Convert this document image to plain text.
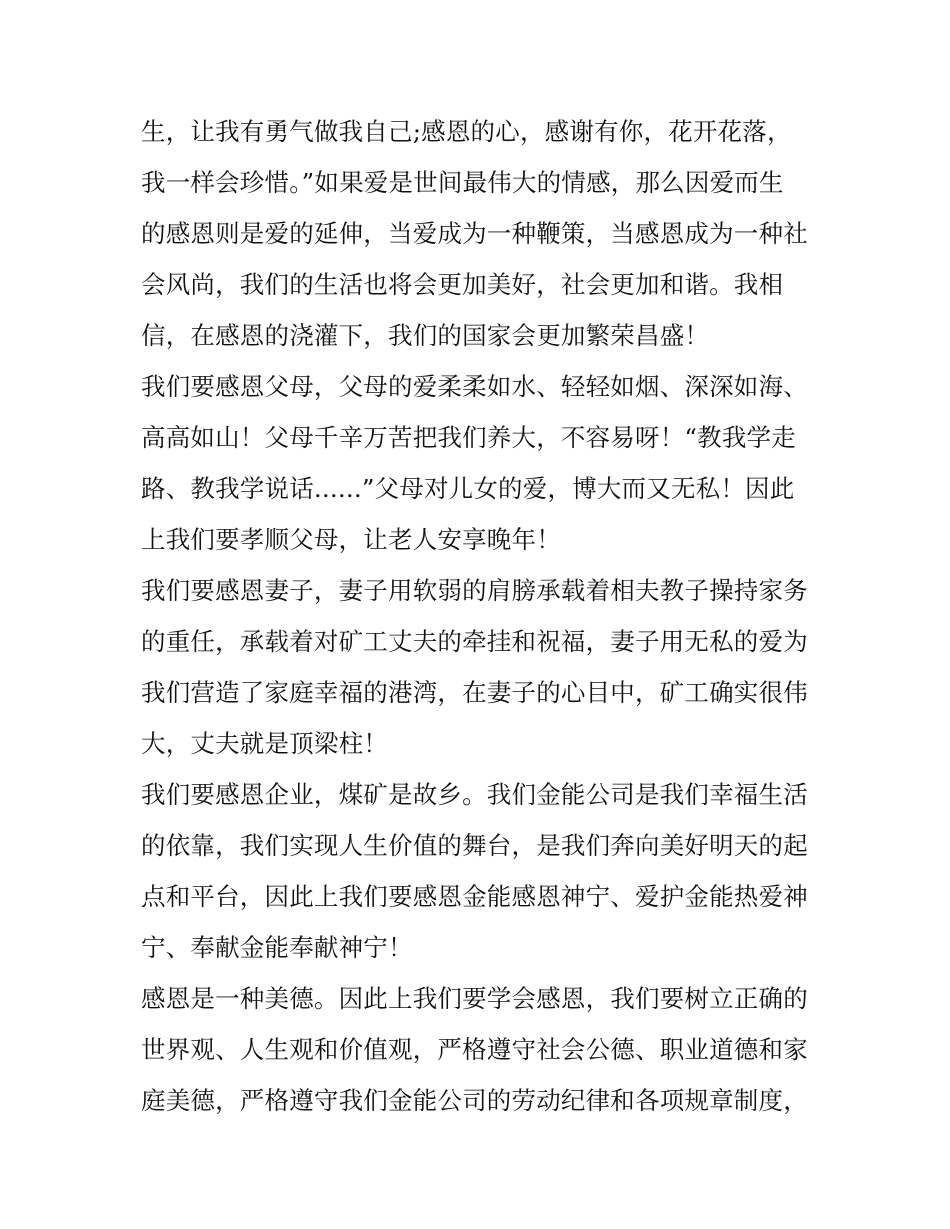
生，让我有勇气做我自己;感恩的心，感谢有你，花开花落，
我一样会珍惜。”如果爱是世间最伟大的情感，那么因爱而生
的感恩则是爱的延伸，当爱成为一种鞭策，当感恩成为一种社
会风尚，我们的生活也将会更加美好，社会更加和谐。我相
信，在感恩的浇灌下，我们的国家会更加繁荣昌盛！
我们要感恩父母，父母的爱柔柔如水、轻轻如烟、深深如海、
高高如山！父母千辛万苦把我们养大，不容易呀！“教我学走
路、教我学说话......”父母对儿女的爱，博大而又无私！因此
上我们要孝顺父母，让老人安享晚年！
我们要感恩妻子，妻子用软弱的肩膀承载着相夫教子操持家务
的重任，承载着对矿工丈夫的牵挂和祝福，妻子用无私的爱为
我们营造了家庭幸福的港湾，在妻子的心目中，矿工确实很伟
大，丈夫就是顶梁柱！
我们要感恩企业，煤矿是故乡。我们金能公司是我们幸福生活
的依靠，我们实现人生价值的舞台，是我们奔向美好明天的起
点和平台，因此上我们要感恩金能感恩神宁、爱护金能热爱神
宁、奉献金能奉献神宁！
感恩是一种美德。因此上我们要学会感恩，我们要树立正确的
世界观、人生观和价值观，严格遵守社会公德、职业道德和家
庭美德，严格遵守我们金能公司的劳动纪律和各项规章制度，
